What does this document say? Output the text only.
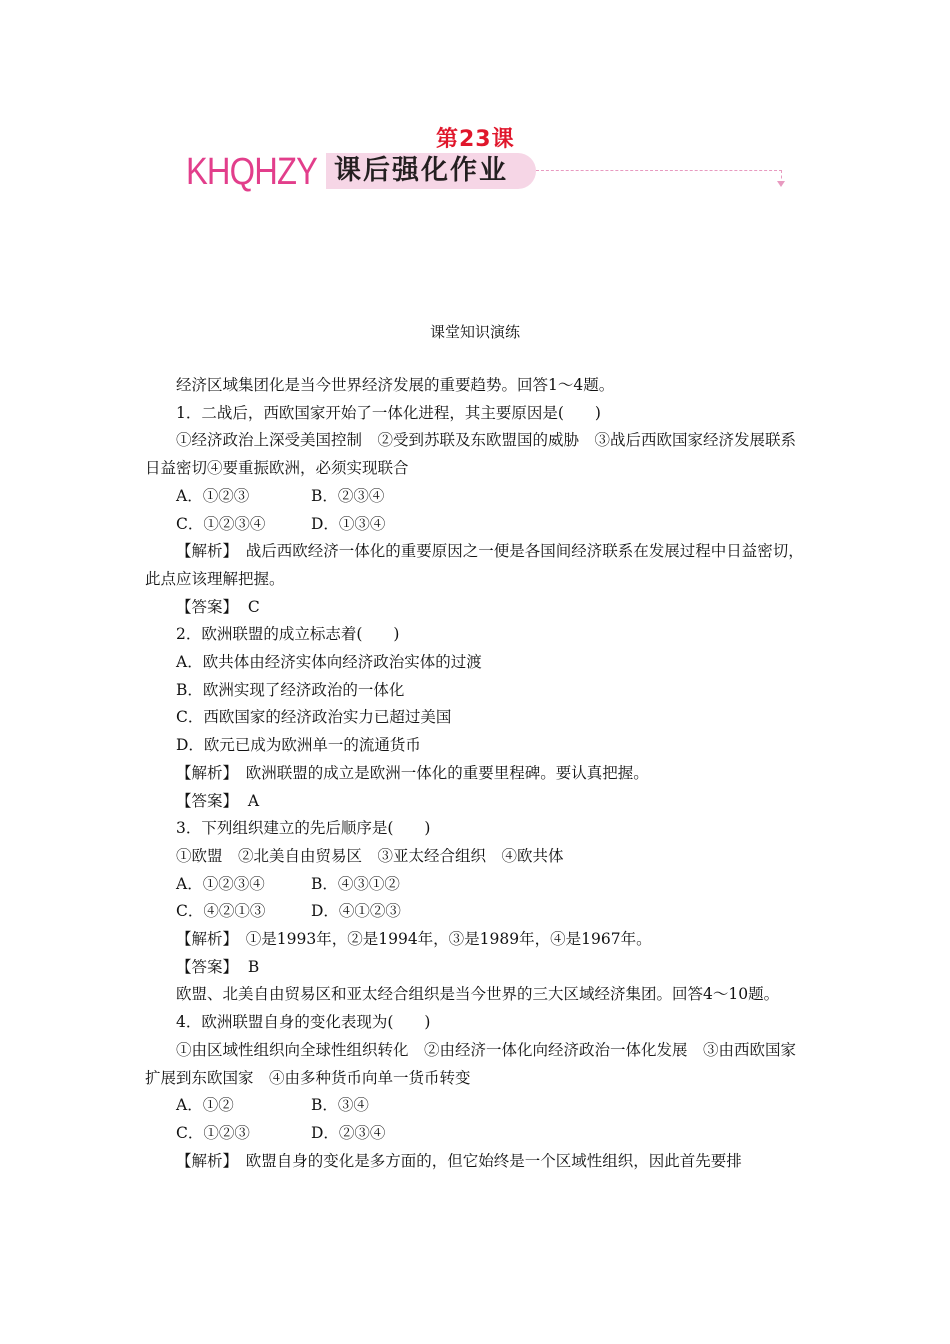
第23课
KHQHZY 课后强化作业
课堂知识演练

经济区域集团化是当今世界经济发展的重要趋势。回答1～4题。

1．二战后，西欧国家开始了一体化进程，其主要原因是(　　)

①经济政治上深受美国控制　②受到苏联及东欧盟国的威胁　③战后西欧国家经济发展联系日益密切④要重振欧洲，必须实现联合

A．①②③	B．②③④

C．①②③④	D．①③④

【解析】　 战后西欧经济一体化的重要原因之一便是各国间经济联系在发展过程中日益密切，此点应该理解把握。

【答案】 C

2．欧洲联盟的成立标志着(　　)

A．欧共体由经济实体向经济政治实体的过渡

B．欧洲实现了经济政治的一体化

C．西欧国家的经济政治实力已超过美国

D．欧元已成为欧洲单一的流通货币

【解析】　 欧洲联盟的成立是欧洲一体化的重要里程碑。要认真把握。

【答案】 A

3．下列组织建立的先后顺序是(　　)

①欧盟　②北美自由贸易区　③亚太经合组织　④欧共体

A．①②③④	B．④③①②

C．④②①③	D．④①②③

【解析】　 ①是1993年，②是1994年，③是1989年，④是1967年。

【答案】 B

欧盟、北美自由贸易区和亚太经合组织是当今世界的三大区域经济集团。回答4～10题。

4．欧洲联盟自身的变化表现为(　　)

①由区域性组织向全球性组织转化　②由经济一体化向经济政治一体化发展　③由西欧国家扩展到东欧国家　④由多种货币向单一货币转变

A．①②	B．③④

C．①②③	D．②③④

【解析】　 欧盟自身的变化是多方面的，但它始终是一个区域性组织，因此首先要排
